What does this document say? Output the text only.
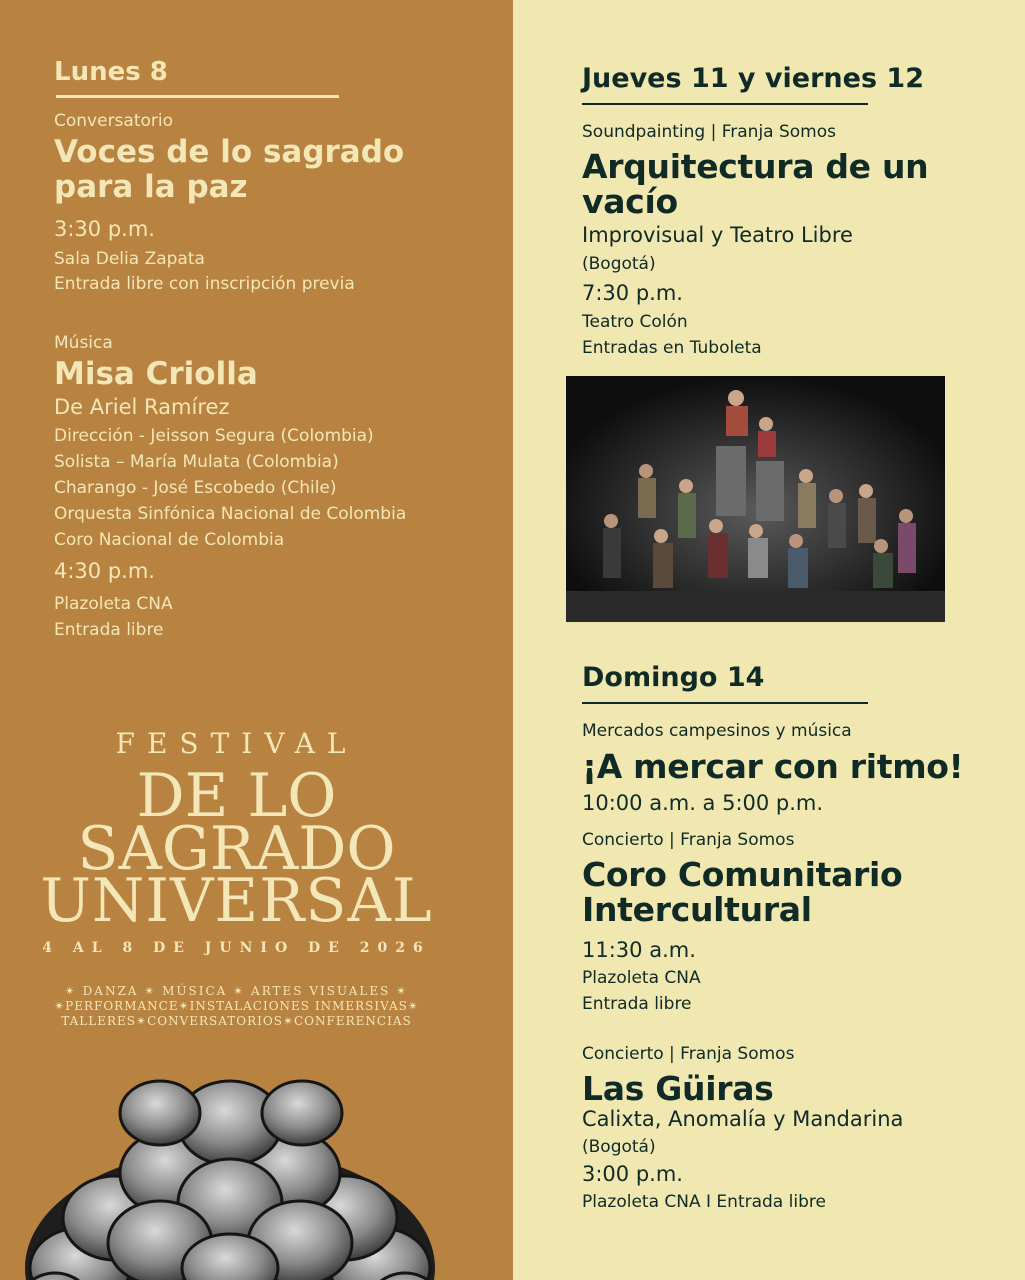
Lunes 8
Conversatorio
Voces de lo sagrado para la paz
3:30 p.m.
Sala Delia Zapata
Entrada libre con inscripción previa
Música
Misa Criolla
De Ariel Ramírez
Dirección - Jeisson Segura (Colombia)
Solista – María Mulata (Colombia)
Charango - José Escobedo (Chile)
Orquesta Sinfónica Nacional de Colombia
Coro Nacional de Colombia
4:30 p.m.
Plazoleta CNA
Entrada libre
FESTIVAL
DE LO
SAGRADO
UNIVERSAL
4 AL 8 DE JUNIO DE 2026
✴ DANZA ✴ MÚSICA ✴ ARTES VISUALES ✴
✴PERFORMANCE✴INSTALACIONES INMERSIVAS✴
TALLERES✴CONVERSATORIOS✴CONFERENCIAS
Jueves 11 y viernes 12
Soundpainting | Franja Somos
Arquitectura de un vacío
Improvisual y Teatro Libre
(Bogotá)
7:30 p.m.
Teatro Colón
Entradas en Tuboleta
Domingo 14
Mercados campesinos y música
¡A mercar con ritmo!
10:00 a.m. a 5:00 p.m.
Concierto | Franja Somos
Coro Comunitario Intercultural
11:30 a.m.
Plazoleta CNA
Entrada libre
Concierto | Franja Somos
Las Güiras
Calixta, Anomalía y Mandarina
(Bogotá)
3:00 p.m.
Plazoleta CNA I Entrada libre
